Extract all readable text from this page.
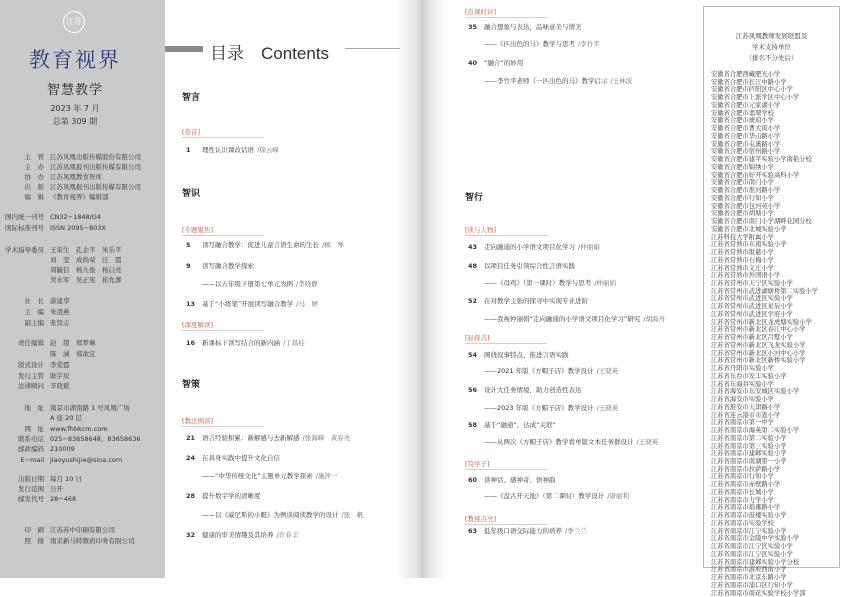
江苏
教育视界
智慧教学
2023 年 7 月
总第 309 期
主　管 江苏凤凰出版传媒股份有限公司
主　办 江苏凤凰报刊出版传媒有限公司
协　办 江苏凤凰教育智库
出　版 江苏凤凰报刊出版传媒有限公司
编　辑 《教育视界》编辑部
国内统一刊号 CN32−1848/G4
国际标准刊号 ISSN 2095−803X
学术指导委员 王荣生　孔企平　朱乐平
刘　坚　成尚荣　汪　霞
周毓信　杨九俊　杨启亮
吴永军　吴正宪　崔允漷
社　长 游建华
主　编 朱凌燕
副主编 张贤志
责任编辑 赵　超　郑梦琳
陈　涵　郑欲宜
版式设计 李爱霞
发行主管 耿宇辰
法律顾问 辛晓斌
地　址 南京市湖南路 1 号凤凰广场
A 座 20 层
网　址 www.fhbkcm.com
联系电话 025−83658648、83658636
邮政编码 210009
E−mail jiaoyushijie@sina.com
出版日期 每月 10 日
发行范围 公开
邮发代号 28−468
印　刷 江苏苏中印刷有限公司
照　排 南京新马特数码印务有限公司
目录　Contents
智言
[卷首]
1 理性认识课改话语 /徐云峰
智识
[专题聚焦]
5 读写融合教学：促进儿童言语生命的生长 /顾　琴
9 读写融合教学探索
——以五年级下册第七单元为例 /李晓静
13 基于“小练笔”开展读写融合教学 /马　婷
[深度解读]
16 新课标下读写结合的新内涵 /丁昌桂
智策
[教法例谈]
21 语言经验积累：新解感与去新解感 /张海峰　黄春亮
24 在具身实践中提升文化自信
——“中华传统文化”主题单元教学探索 /施萍一
28 提升数字学的清晰度
——以《威尼斯的小艇》为例谈阅读教学的设计 /张　帆
32 健康的审美情趣及其培养 /许春丰
[点课时评]
35 融合想象与表达，品味意美与情美
——《匹出色的马》教学与思考 /李竹平
40 “融合”的妙用
——李竹平老师《一匹出色的马》教学启示 /王林波
智行
[读与人物]
43 走向融通的小学语文项目化学习 /仲丽娟
48 以项目任务引领综合性言语实践
——《母鸡》（第一课时）教学与思考 /仲丽娟
52 在对教学主张的探寻中实现专业进阶
——我视仲丽娟“走向融通的小学语文项目化学习”研究 /胡海舟
[轻探点]
54 围绕叙事特点，推进言语实践
——2021 年版《方帽子店》教学设计 /王晓英
56 设计大任务情境，助力创造性表达
——2023 年版《方帽子店》教学设计 /王晓英
58 基于“融通”，达成“关联”
——从两次《方帽子店》教学看单篇文本任务群设计 /王晓英
[笃学子]
60 读神话、感神奇、悟神韵
——《盘古开天地》（第二课时）教学设计 /唐丽利
[教视点亮]
63 低年级口语交际能力的培养 /季兰兰
江苏凤凰教师发展联盟及
学术支持单位
（排名不分先后）
安徽省合肥西藏肥光小学
安徽省合肥市长江中路小学
安徽省合肥市庐阳区中心小学
安徽省合肥市上派学区中心小学
安徽省合肥市元家湖小学
安徽省合肥市翡翠学校
安徽省合肥市琥珀小学
安徽省合肥市曹大街小学
安徽省合肥市华山路小学
安徽省合肥市屯溪路小学
安徽省合肥市宿州路小学
安徽省合肥市建平实验小学南艳分校
安徽省合肥市锦绣小学
安徽省合肥市好开实验高科小学
安徽省合肥市南门小学
安徽省合肥市淮河路小学
安徽省合肥市行知小学
安徽省合肥市包河苑小学
安徽省合肥市胡塘小学
安徽省合肥市南门小学湖畔花园分校
安徽省合肥市北城实验小学
江苏科技大学附属小学
江苏省常熟市东南实验小学
江苏省常熟市报慈小学
江苏省常熟市石梅小学
江苏省常熟市义庄小学
江苏省常熟市外国语小学
江苏省常州市天宁区实验小学
江苏省常州市武进湖塘桥第二实验小学
江苏省常州市武进区实验小学
江苏省常州市武进区星辰小学
江苏省常州市武进区学府小学
江苏省常州市新北区龙虎塘实验小学
江苏省常州市新北区春江中心小学
江苏省常州市新北区吕墅小学
江苏省常州市新北区飞龙实验小学
江苏省常州市新北区小河中心小学
江苏省常州市新北区新桥实验小学
江苏省丹阳市实验小学
江苏省东台市安丰实验小学
江苏省东海县实验小学
江苏省海安市东安城区实验小学
江苏省海安市实验小学
江苏省淮安市天津路小学
江苏省连云港市市直小学
江苏省南京市第一中学
江苏省南京市海英第二实验小学
江苏省南京市第二实验小学
江苏省南京市第三实验小学
江苏省南京市建邺实验小学
江苏省南京市南湖第一小学
江苏省南京市拉萨路小学
江苏省南京市行知小学
江苏省南京市赤壁路小学
江苏省南京市长城小学
江苏省南京市力学小学
江苏省南京市琅琊路小学
江苏省南京市鼓楼实验小学
江苏省南京市实验学校
江苏省南京市江宁实验小学
江苏省南京市金陵中学实验小学
江苏省南京市江宁区实验小学
江苏省南京市江宁区实验小学
江苏省南京市建邺实验小学分校
江苏省南京市游府西街小学
江苏省南京市北京东路小学
江苏省南京市浦口区行知小学
江苏省南京市南花实验学校小学部
